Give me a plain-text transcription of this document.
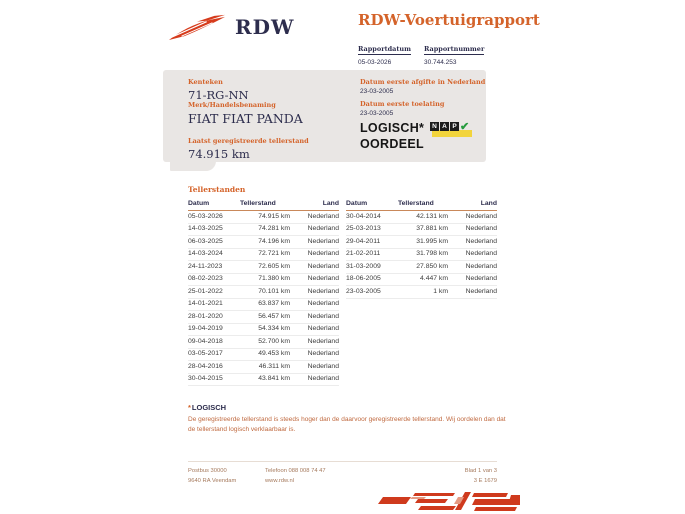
RDW	RDW-Voertuigrapport
Rapportdatum
05-03-2026
Rapportnummer
30.744.253
Kenteken
71-RG-NN
Merk/Handelsbenaming
FIAT FIAT PANDA
Laatst geregistreerde tellerstand
74.915 km
Datum eerste afgifte in Nederland
23-03-2005
Datum eerste toelating
23-03-2005
LOGISCH*
OORDEEL
N A P ✔
Tellerstanden
Datum	Tellerstand	Land
05-03-2026	74.915 km	Nederland
14-03-2025	74.281 km	Nederland
06-03-2025	74.196 km	Nederland
14-03-2024	72.721 km	Nederland
24-11-2023	72.605 km	Nederland
08-02-2023	71.380 km	Nederland
25-01-2022	70.101 km	Nederland
14-01-2021	63.837 km	Nederland
28-01-2020	56.457 km	Nederland
19-04-2019	54.334 km	Nederland
09-04-2018	52.700 km	Nederland
03-05-2017	49.453 km	Nederland
28-04-2016	46.311 km	Nederland
30-04-2015	43.841 km	Nederland
Datum	Tellerstand	Land
30-04-2014	42.131 km	Nederland
25-03-2013	37.881 km	Nederland
29-04-2011	31.995 km	Nederland
21-02-2011	31.798 km	Nederland
31-03-2009	27.850 km	Nederland
18-06-2005	4.447 km	Nederland
23-03-2005	1 km	Nederland
*LOGISCH
De geregistreerde tellerstand is steeds hoger dan de daarvoor geregistreerde tellerstand. Wij oordelen dan dat de tellerstand logisch verklaarbaar is.
Postbus 30000
9640 RA Veendam
Telefoon 088 008 74 47
www.rdw.nl
Blad 1 van 3
3 E 1679
